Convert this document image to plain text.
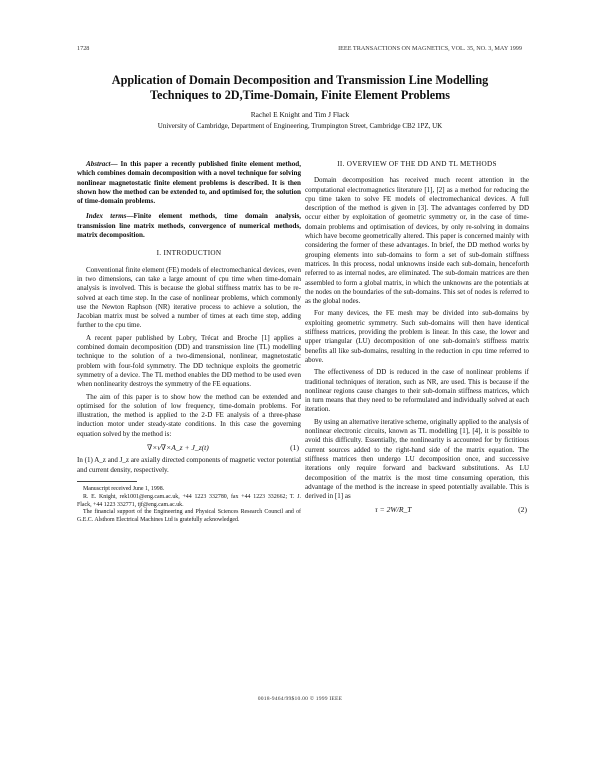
1728	IEEE TRANSACTIONS ON MAGNETICS, VOL. 35, NO. 3, MAY 1999
Application of Domain Decomposition and Transmission Line Modelling
Techniques to 2D,Time-Domain, Finite Element Problems
Rachel E Knight and Tim J Flack
University of Cambridge, Department of Engineering, Trumpington Street, Cambridge CB2 1PZ, UK

Abstract— In this paper a recently published finite element method, which combines domain decomposition with a novel technique for solving nonlinear magnetostatic finite element problems is described. It is then shown how the method can be extended to, and optimised for, the solution of time-domain problems.

Index terms—Finite element methods, time domain analysis, transmission line matrix methods, convergence of numerical methods, matrix decomposition.

I. INTRODUCTION

Conventional finite element (FE) models of electromechanical devices, even in two dimensions, can take a large amount of cpu time when time-domain analysis is involved. This is because the global stiffness matrix has to be re-solved at each time step. In the case of nonlinear problems, which commonly use the Newton Raphson (NR) iterative process to achieve a solution, the Jacobian matrix must be solved a number of times at each time step, adding further to the cpu time.

A recent paper published by Lobry, Trécat and Broche [1] applies a combined domain decomposition (DD) and transmission line (TL) modelling technique to the solution of a two-dimensional, nonlinear, magnetostatic problem with four-fold symmetry. The DD technique exploits the geometric symmetry of a device. The TL method enables the DD method to be used even when nonlinearity destroys the symmetry of the FE equations.

The aim of this paper is to show how the method can be extended and optimised for the solution of low frequency, time-domain problems. For illustration, the method is applied to the 2-D FE analysis of a three-phase induction motor under steady-state conditions. In this case the governing equation solved by the method is:

∇×ν∇×A_z + J_z(t)	(1)

In (1) A_z and J_z are axially directed components of magnetic vector potential and current density, respectively.

Manuscript received June 1, 1998.

R. E. Knight, rek1001@eng.cam.ac.uk, +44 1223 332780, fax +44 1223 332662; T. J. Flack, +44 1223 332771, tjf@eng.cam.ac.uk.

The financial support of the Engineering and Physical Sciences Research Council and of G.E.C. Alsthom Electrical Machines Ltd is gratefully acknowledged.

II. OVERVIEW OF THE DD AND TL METHODS

Domain decomposition has received much recent attention in the computational electromagnetics literature [1], [2] as a method for reducing the cpu time taken to solve FE models of electromechanical devices. A full description of the method is given in [3]. The advantages conferred by DD occur either by exploitation of geometric symmetry or, in the case of time-domain problems and optimisation of devices, by only re-solving in domains which have become geometrically altered. This paper is concerned mainly with considering the former of these advantages. In brief, the DD method works by grouping elements into sub-domains to form a set of sub-domain stiffness matrices. In this process, nodal unknowns inside each sub-domain, henceforth referred to as internal nodes, are eliminated. The sub-domain matrices are then assembled to form a global matrix, in which the unknowns are the potentials at the nodes on the boundaries of the sub-domains. This set of nodes is referred to as the global nodes.

For many devices, the FE mesh may be divided into sub-domains by exploiting geometric symmetry. Such sub-domains will then have identical stiffness matrices, providing the problem is linear. In this case, the lower and upper triangular (LU) decomposition of one sub-domain's stiffness matrix benefits all like sub-domains, resulting in the reduction in cpu time referred to above.

The effectiveness of DD is reduced in the case of nonlinear problems if traditional techniques of iteration, such as NR, are used. This is because if the nonlinear regions cause changes to their sub-domain stiffness matrices, which in turn means that they need to be reformulated and individually solved at each iteration.

By using an alternative iterative scheme, originally applied to the analysis of nonlinear electronic circuits, known as TL modelling [1], [4], it is possible to avoid this difficulty. Essentially, the nonlinearity is accounted for by fictitious current sources added to the right-hand side of the matrix equation. The stiffness matrices then undergo LU decomposition once, and successive iterations only require forward and backward substitutions. As LU decomposition of the matrix is the most time consuming operation, this advantage of the method is the increase in speed potentially available. This is derived in [1] as

τ = 2W/R_T	(2)
0018-9464/99$10.00 © 1999 IEEE
